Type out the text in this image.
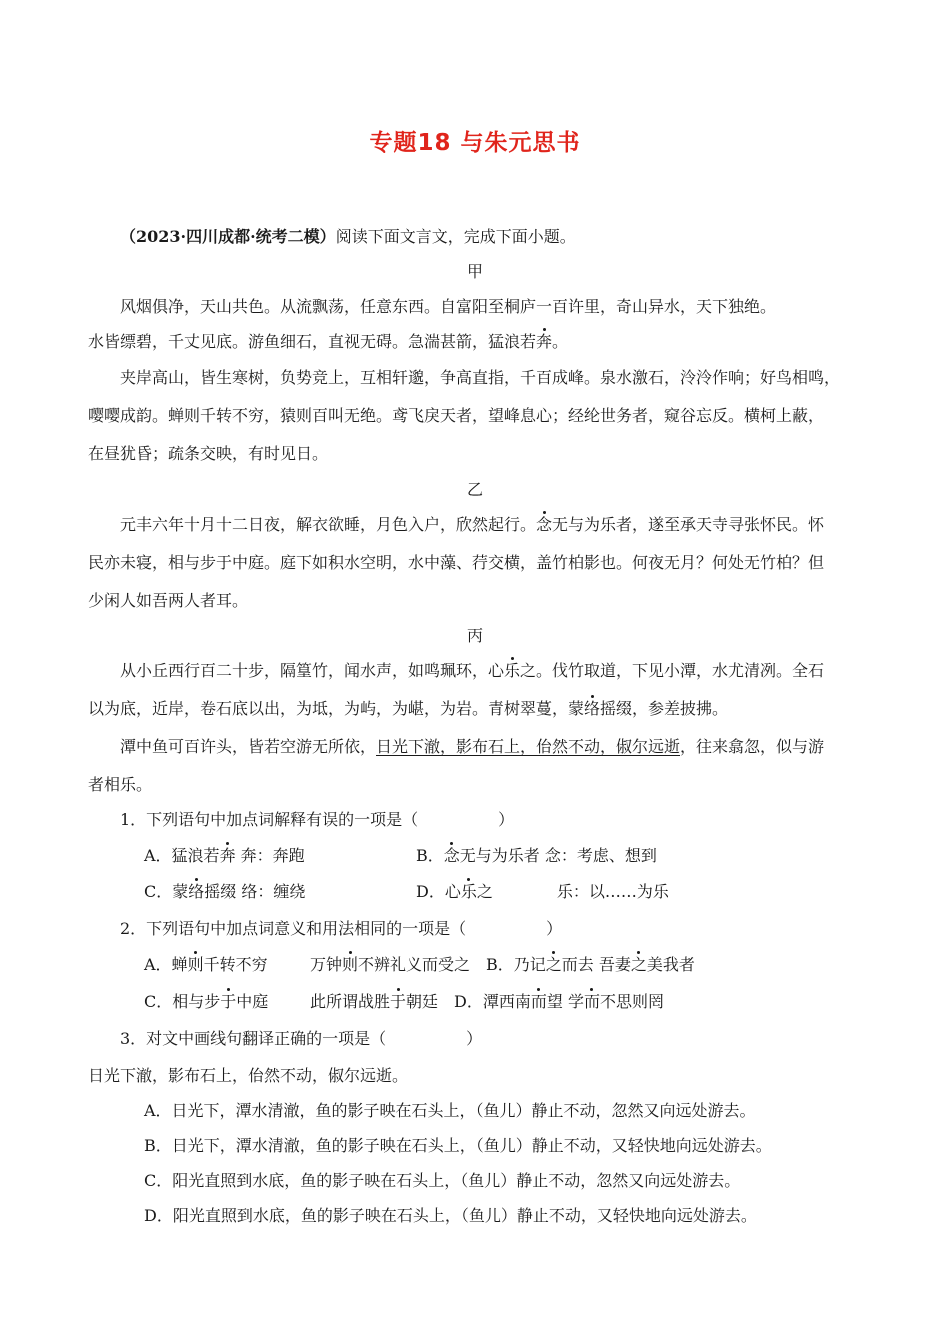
专题18 与朱元思书
（2023·四川成都·统考二模）阅读下面文言文，完成下面小题。
甲
风烟俱净，天山共色。从流飘荡，任意东西。自富阳至桐庐一百许里，奇山异水，天下独绝。
水皆缥碧，千丈见底。游鱼细石，直视无碍。急湍甚箭，猛浪若奔。
夹岸高山，皆生寒树，负势竞上，互相轩邈，争高直指，千百成峰。泉水激石，泠泠作响；好鸟相鸣，
嘤嘤成韵。蝉则千转不穷，猿则百叫无绝。鸢飞戾天者，望峰息心；经纶世务者，窥谷忘反。横柯上蔽，
在昼犹昏；疏条交映，有时见日。
乙
元丰六年十月十二日夜，解衣欲睡，月色入户，欣然起行。念无与为乐者，遂至承天寺寻张怀民。怀
民亦未寝，相与步于中庭。庭下如积水空明，水中藻、荇交横，盖竹柏影也。何夜无月？何处无竹柏？但
少闲人如吾两人者耳。
丙
从小丘西行百二十步，隔篁竹，闻水声，如鸣珮环，心乐之。伐竹取道，下见小潭，水尤清冽。全石
以为底，近岸，卷石底以出，为坻，为屿，为嵁，为岩。青树翠蔓，蒙络摇缀，参差披拂。
潭中鱼可百许头，皆若空游无所依，日光下澈，影布石上，佁然不动，俶尔远逝，往来翕忽，似与游
者相乐。
1．下列语句中加点词解释有误的一项是（　　　　　）
A．猛浪若奔 奔：奔跑	B．念无与为乐者 念：考虑、想到
C．蒙络摇缀 络：缠绕	D．心乐之　　　　乐：以……为乐
2．下列语句中加点词意义和用法相同的一项是（　　　　　）
A．蝉则千转不穷	万钟则不辨礼义而受之 B．乃记之而去 吾妻之美我者
C．相与步于中庭	此所谓战胜于朝廷 D．潭西南而望 学而不思则罔
3．对文中画线句翻译正确的一项是（　　　　　）
日光下澈，影布石上，佁然不动，俶尔远逝。
A．日光下，潭水清澈，鱼的影子映在石头上，（鱼儿）静止不动，忽然又向远处游去。
B．日光下，潭水清澈，鱼的影子映在石头上，（鱼儿）静止不动，又轻快地向远处游去。
C．阳光直照到水底，鱼的影子映在石头上，（鱼儿）静止不动，忽然又向远处游去。
D．阳光直照到水底，鱼的影子映在石头上，（鱼儿）静止不动，又轻快地向远处游去。
